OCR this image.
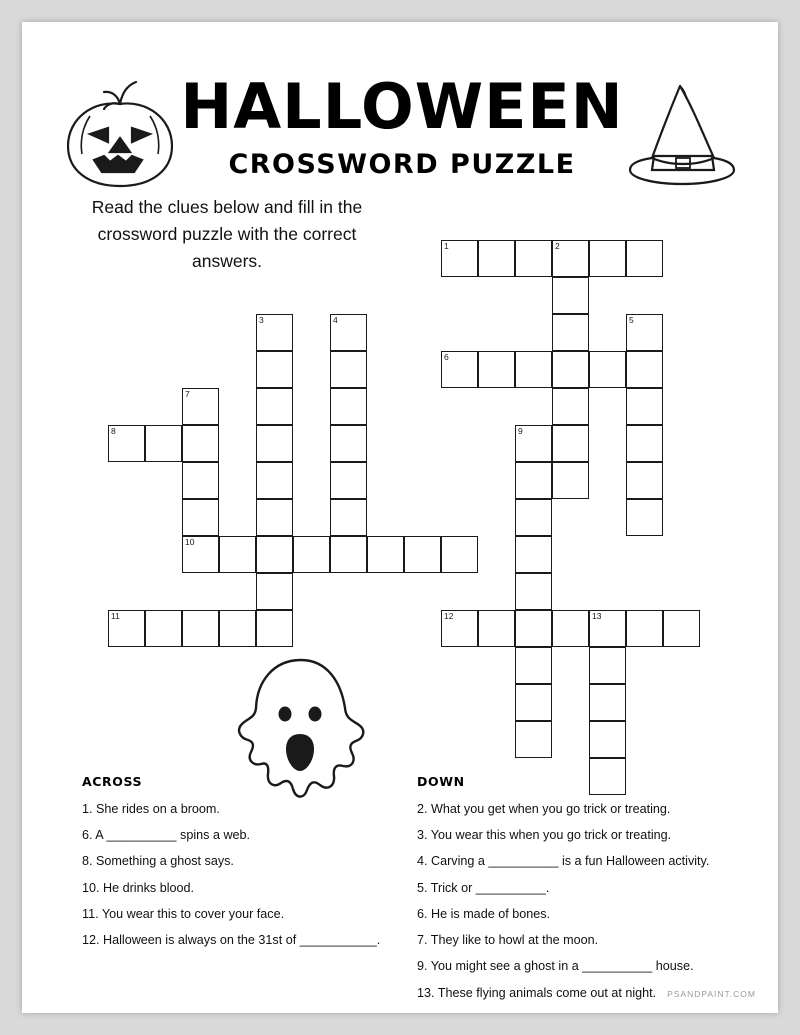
HALLOWEEN
CROSSWORD PUZZLE
Read the clues below and fill in the crossword puzzle with the correct answers.
1	2
3	4	5
6
7
10
8	9
11	12	13
ACROSS
1. She rides on a broom.
6. A __________ spins a web.
8. Something a ghost says.
10. He drinks blood.
11. You wear this to cover your face.
12. Halloween is always on the 31st of ___________.
DOWN
2. What you get when you go trick or treating.
3. You wear this when you go trick or treating.
4. Carving a __________ is a fun Halloween activity.
5. Trick or __________.
6. He is made of bones.
7. They like to howl at the moon.
9. You might see a ghost in a __________ house.
13. These flying animals come out at night.	PSANDPAINT.COM
